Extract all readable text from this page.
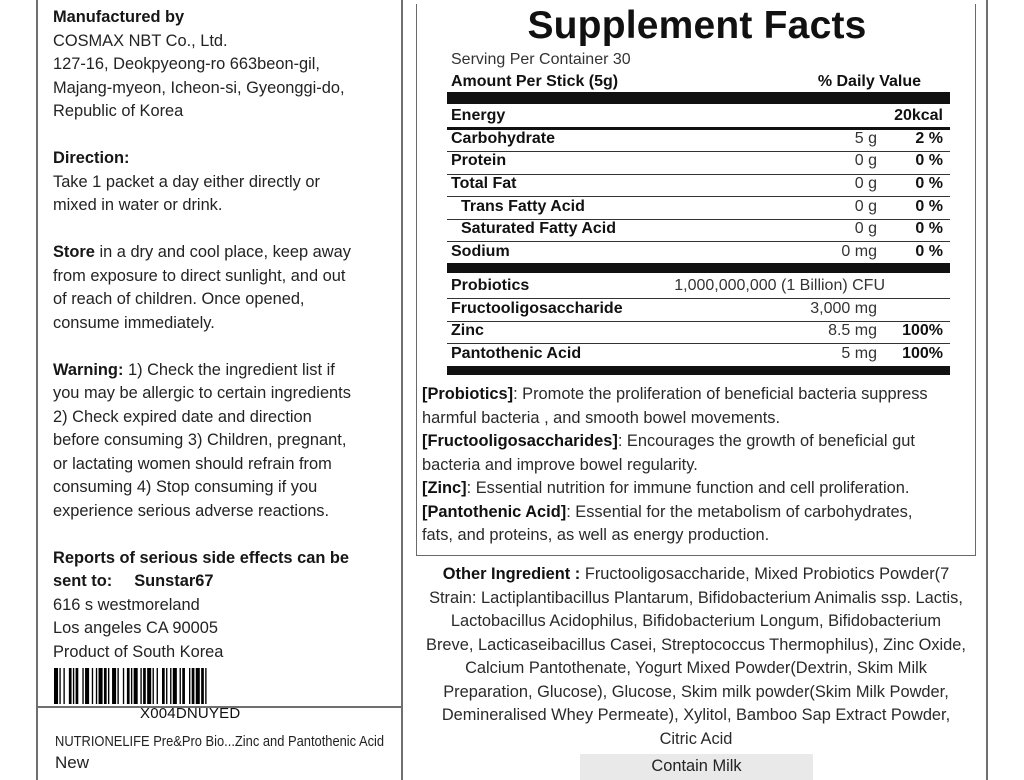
Manufactured by
COSMAX NBT Co., Ltd.
127-16, Deokpyeong-ro 663beon-gil,
Majang-myeon, Icheon-si, Gyeonggi-do,
Republic of Korea
Direction:
Take 1 packet a day either directly or
mixed in water or drink.
Store in a dry and cool place, keep away
from exposure to direct sunlight, and out
of reach of children. Once opened,
consume immediately.
Warning: 1) Check the ingredient list if
you may be allergic to certain ingredients
2) Check expired date and direction
before consuming 3) Children, pregnant,
or lactating women should refrain from
consuming 4) Stop consuming if you
experience serious adverse reactions.
Reports of serious side effects can be
sent to: Sunstar67
616 s westmoreland
Los angeles CA 90005
Product of South Korea
X004DNUYED
NUTRIONELIFE Pre&Pro Bio...Zinc and Pantothenic Acid
New
Supplement Facts
Serving Per Container 30
Amount Per Stick (5g)	% Daily Value
Energy	20kcal
Carbohydrate	5 g 2 %
Protein	0 g 0 %
Total Fat	0 g 0 %
Trans Fatty Acid	0 g 0 %
Saturated Fatty Acid	0 g 0 %
Sodium	0 mg 0 %
Probiotics	1,000,000,000 (1 Billion) CFU
Fructooligosaccharide	3,000 mg
Zinc	8.5 mg 100%
Pantothenic Acid	5 mg 100%
[Probiotics]: Promote the proliferation of beneficial bacteria suppress
harmful bacteria , and smooth bowel movements.
[Fructooligosaccharides]: Encourages the growth of beneficial gut
bacteria and improve bowel regularity.
[Zinc]: Essential nutrition for immune function and cell proliferation.
[Pantothenic Acid]: Essential for the metabolism of carbohydrates,
fats, and proteins, as well as energy production.
Other Ingredient : Fructooligosaccharide, Mixed Probiotics Powder(7
Strain: Lactiplantibacillus Plantarum, Bifidobacterium Animalis ssp. Lactis,
Lactobacillus Acidophilus, Bifidobacterium Longum, Bifidobacterium
Breve, Lacticaseibacillus Casei, Streptococcus Thermophilus), Zinc Oxide,
Calcium Pantothenate, Yogurt Mixed Powder(Dextrin, Skim Milk
Preparation, Glucose), Glucose, Skim milk powder(Skim Milk Powder,
Demineralised Whey Permeate), Xylitol, Bamboo Sap Extract Powder,
Citric Acid
Contain Milk
